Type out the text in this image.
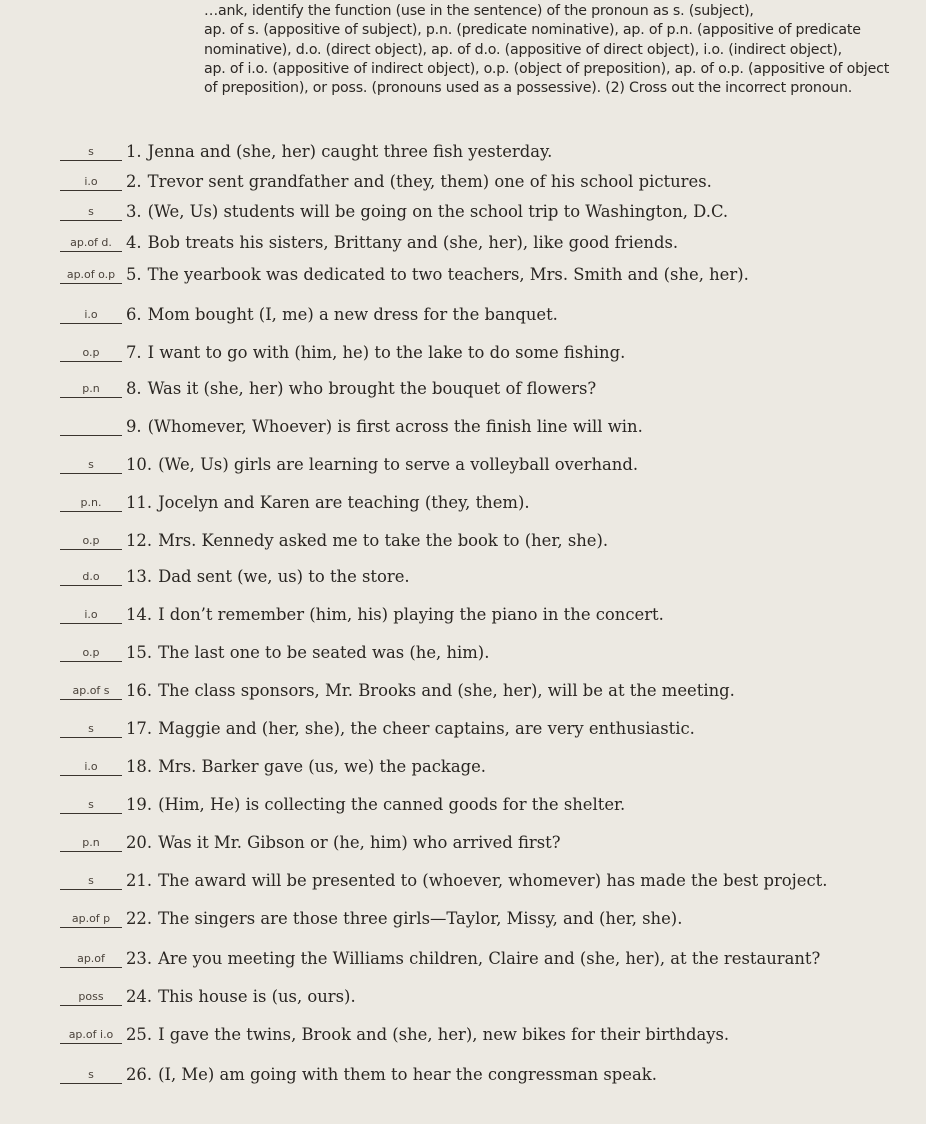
…ank, identify the function (use in the sentence) of the pronoun as s. (subject),

ap. of s. (appositive of subject), p.n. (predicate nominative), ap. of p.n. (appositive of predicate

nominative), d.o. (direct object), ap. of d.o. (appositive of direct object), i.o. (indirect object),

ap. of i.o. (appositive of indirect object), o.p. (object of preposition), ap. of o.p. (appositive of object

of preposition), or poss. (pronouns used as a possessive). (2) Cross out the incorrect pronoun.

s	1. Jenna and (she, her) caught three fish yesterday.
i.o	2. Trevor sent grandfather and (they, them) one of his school pictures.
s	3. (We, Us) students will be going on the school trip to Washington, D.C.
ap.of d. 4. Bob treats his sisters, Brittany and (she, her), like good friends.
ap.of o.p 5. The yearbook was dedicated to two teachers, Mrs. Smith and (she, her).
i.o	6. Mom bought (I, me) a new dress for the banquet.
o.p	7. I want to go with (him, he) to the lake to do some fishing.
p.n	8. Was it (she, her) who brought the bouquet of flowers?
9. (Whomever, Whoever) is first across the finish line will win.
s	10. (We, Us) girls are learning to serve a volleyball overhand.
p.n.	11. Jocelyn and Karen are teaching (they, them).
o.p	12. Mrs. Kennedy asked me to take the book to (her, she).
d.o	13. Dad sent (we, us) to the store.
i.o	14. I don’t remember (him, his) playing the piano in the concert.
o.p	15. The last one to be seated was (he, him).
ap.of s	16. The class sponsors, Mr. Brooks and (she, her), will be at the meeting.
s	17. Maggie and (her, she), the cheer captains, are very enthusiastic.
i.o	18. Mrs. Barker gave (us, we) the package.
s	19. (Him, He) is collecting the canned goods for the shelter.
p.n	20. Was it Mr. Gibson or (he, him) who arrived first?
s	21. The award will be presented to (whoever, whomever) has made the best project.
ap.of p 22. The singers are those three girls—Taylor, Missy, and (her, she).
ap.of	23. Are you meeting the Williams children, Claire and (she, her), at the restaurant?
poss	24. This house is (us, ours).
ap.of i.o 25. I gave the twins, Brook and (she, her), new bikes for their birthdays.
s	26. (I, Me) am going with them to hear the congressman speak.
